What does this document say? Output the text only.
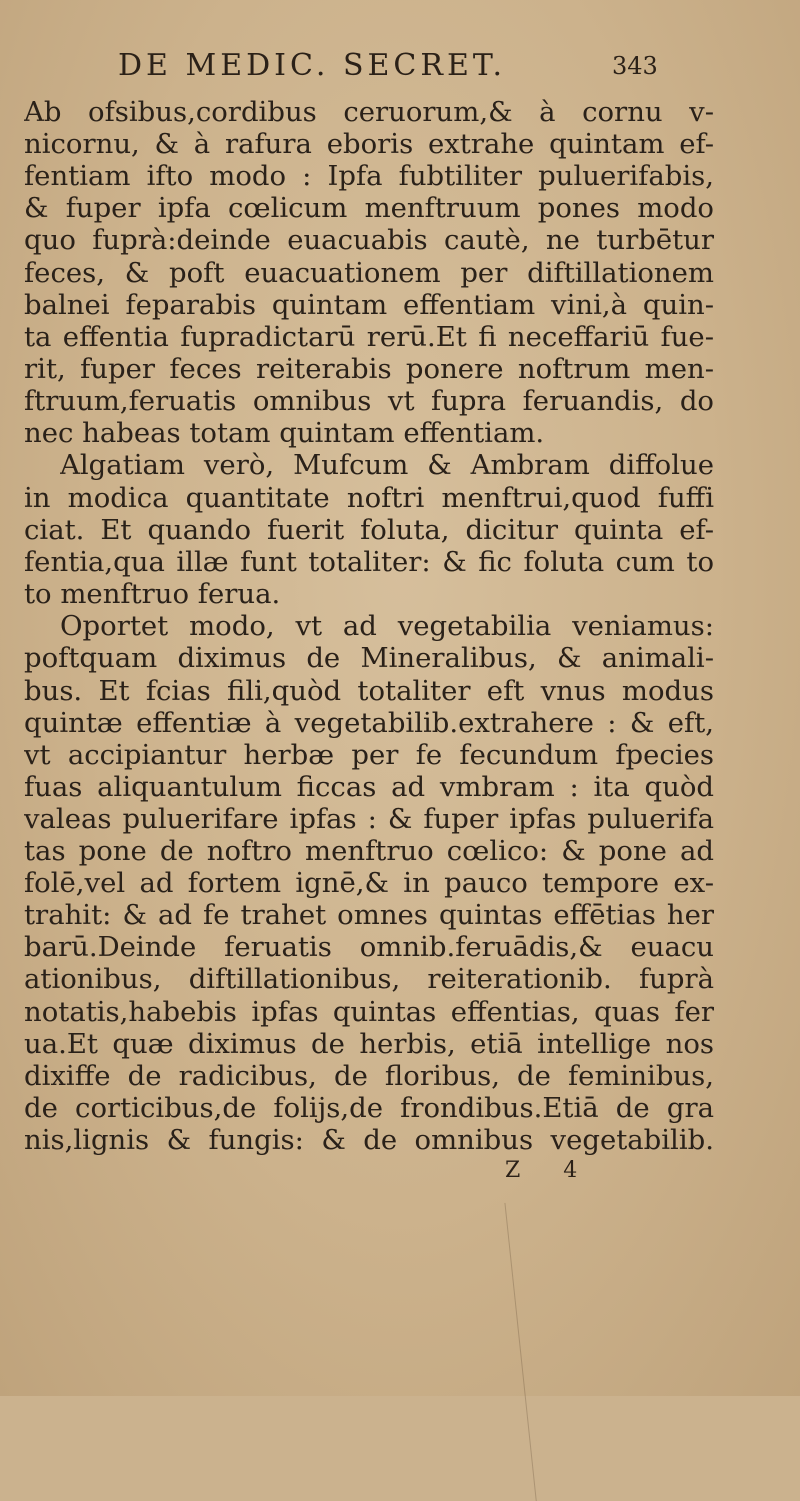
DE MEDIC. SECRET.	343
Ab ofsibus,cordibus ceruorum,& à cornu v-
nicornu, & à rafura eboris extrahe quintam ef-
fentiam ifto modo : Ipfa fubtiliter puluerifabis,
& fuper ipfa cœlicum menftruum pones modo
quo fuprà:deinde euacuabis cautè, ne turbētur
feces, & poft euacuationem per diftillationem
balnei feparabis quintam effentiam vini,à quin-
ta effentia fupradictarū rerū.Et fi neceffariū fue-
rit, fuper feces reiterabis ponere noftrum men-
ftruum,feruatis omnibus vt fupra feruandis, do
nec habeas totam quintam effentiam.
Algatiam verò, Mufcum & Ambram diffolue
in modica quantitate noftri menftrui,quod fuffi
ciat. Et quando fuerit foluta, dicitur quinta ef-
fentia,qua illæ funt totaliter: & fic foluta cum to
to menftruo ferua.
Oportet modo, vt ad vegetabilia veniamus:
poftquam diximus de Mineralibus, & animali-
bus. Et fcias fili,quòd totaliter eft vnus modus
quintæ effentiæ à vegetabilib.extrahere : & eft,
vt accipiantur herbæ per fe fecundum fpecies
fuas aliquantulum ficcas ad vmbram : ita quòd
valeas puluerifare ipfas : & fuper ipfas puluerifa
tas pone de noftro menftruo cœlico: & pone ad
folē,vel ad fortem ignē,& in pauco tempore ex-
trahit: & ad fe trahet omnes quintas effētias her
barū.Deinde feruatis omnib.feruādis,& euacu
ationibus, diftillationibus, reiterationib. fuprà
notatis,habebis ipfas quintas effentias, quas fer
ua.Et quæ diximus de herbis, etiā intellige nos
dixiffe de radicibus, de floribus, de feminibus,
de corticibus,de folijs,de frondibus.Etiā de gra
nis,lignis & fungis: & de omnibus vegetabilib.
Z 4
